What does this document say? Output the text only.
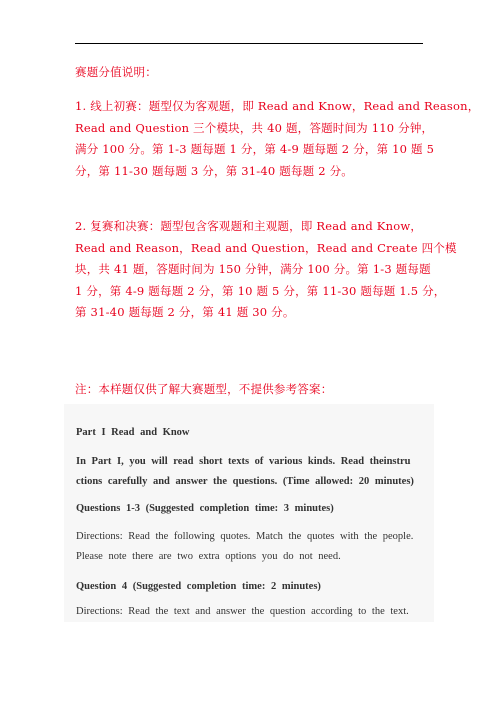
赛题分值说明：

1. 线上初赛：题型仅为客观题，即 Read and Know，Read and Reason，
Read and Question 三个模块，共 40 题，答题时间为 110 分钟，
满分 100 分。第 1-3 题每题 1 分，第 4-9 题每题 2 分，第 10 题 5
分，第 11-30 题每题 3 分，第 31-40 题每题 2 分。

2. 复赛和决赛：题型包含客观题和主观题，即 Read and Know，
Read and Reason，Read and Question，Read and Create 四个模
块，共 41 题，答题时间为 150 分钟，满分 100 分。第 1-3 题每题
1 分，第 4-9 题每题 2 分，第 10 题 5 分，第 11-30 题每题 1.5 分，
第 31-40 题每题 2 分，第 41 题 30 分。

注：本样题仅供了解大赛题型，不提供参考答案：

Part I Read and Know

In Part I, you will read short texts of various kinds. Read theinstru
ctions carefully and answer the questions. (Time allowed: 20 minutes)

Questions 1-3 (Suggested completion time: 3 minutes)

Directions: Read the following quotes. Match the quotes with the people.
Please note there are two extra options you do not need.

Question 4 (Suggested completion time: 2 minutes)

Directions: Read the text and answer the question according to the text.
